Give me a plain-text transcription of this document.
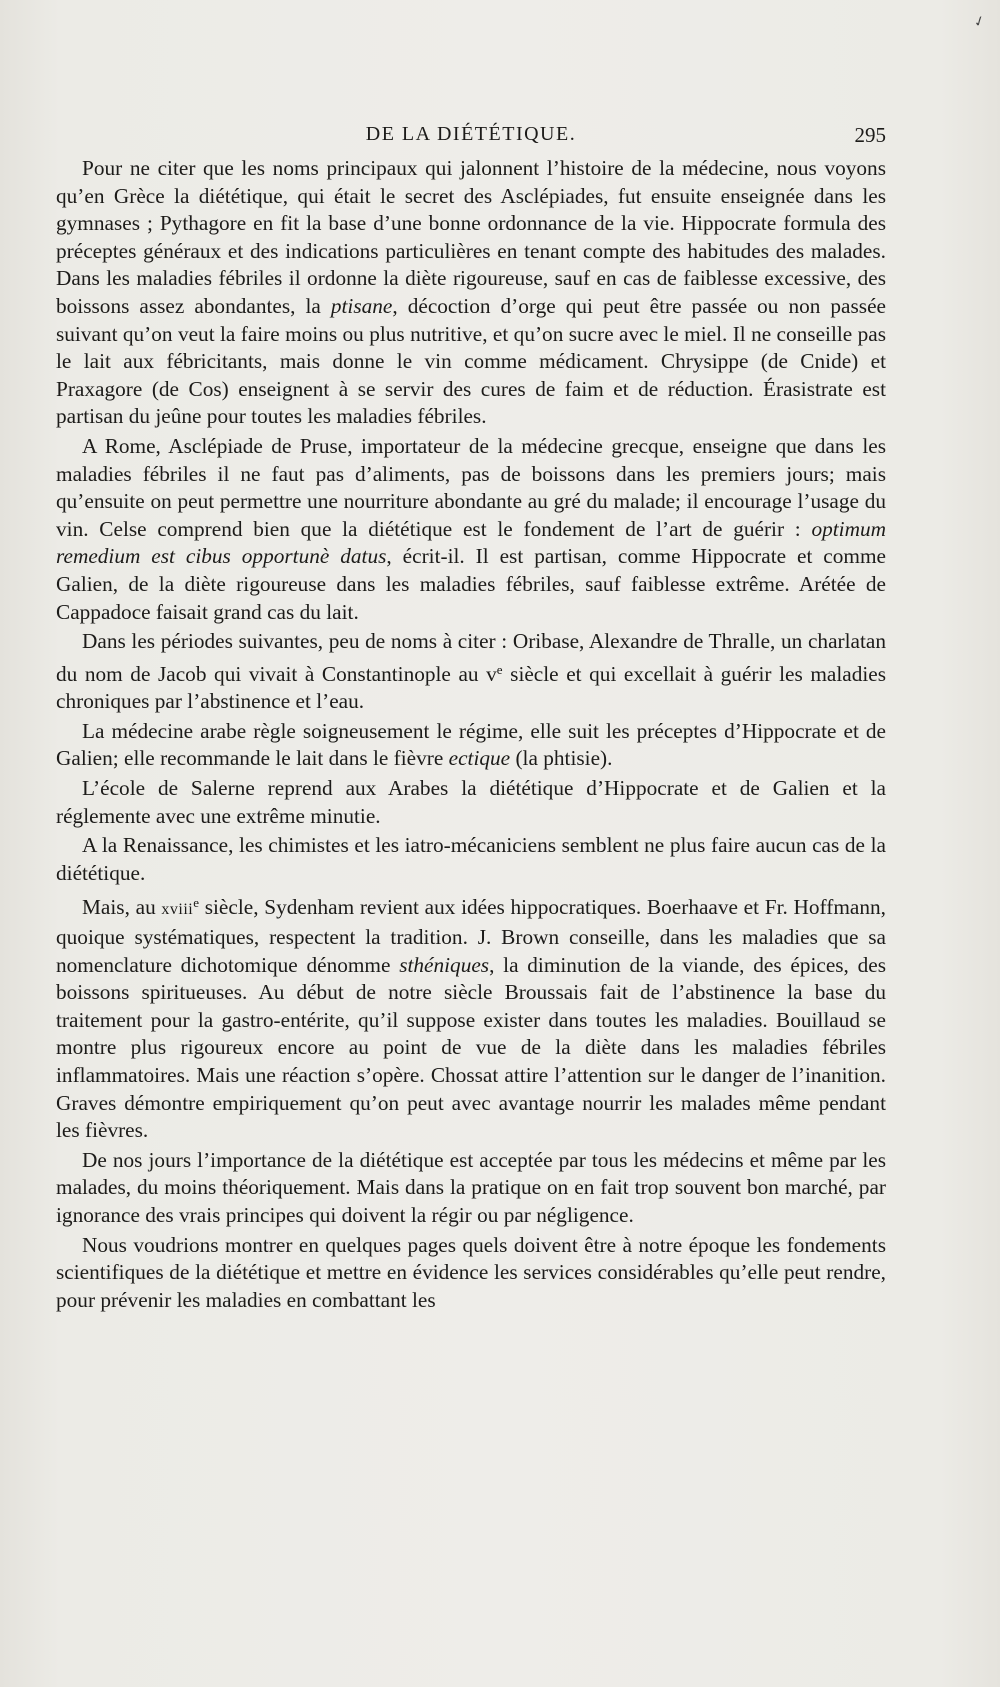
✓
DE LA DIÉTÉTIQUE.	295

Pour ne citer que les noms principaux qui jalonnent l’histoire de la médecine, nous voyons qu’en Grèce la diététique, qui était le secret des Asclépiades, fut ensuite enseignée dans les gymnases ; Pythagore en fit la base d’une bonne ordonnance de la vie. Hippocrate formula des préceptes généraux et des indications particulières en tenant compte des habitudes des malades. Dans les maladies fébriles il ordonne la diète rigoureuse, sauf en cas de faiblesse excessive, des boissons assez abondantes, la ptisane, décoction d’orge qui peut être passée ou non passée suivant qu’on veut la faire moins ou plus nutritive, et qu’on sucre avec le miel. Il ne conseille pas le lait aux fébricitants, mais donne le vin comme médicament. Chrysippe (de Cnide) et Praxagore (de Cos) enseignent à se servir des cures de faim et de réduction. Érasistrate est partisan du jeûne pour toutes les maladies fébriles.

A Rome, Asclépiade de Pruse, importateur de la médecine grecque, enseigne que dans les maladies fébriles il ne faut pas d’aliments, pas de boissons dans les premiers jours; mais qu’ensuite on peut permettre une nourriture abondante au gré du malade; il encourage l’usage du vin. Celse comprend bien que la diététique est le fondement de l’art de guérir : optimum remedium est cibus opportunè datus, écrit-il. Il est partisan, comme Hippocrate et comme Galien, de la diète rigoureuse dans les maladies fébriles, sauf faiblesse extrême. Arétée de Cappadoce faisait grand cas du lait.

Dans les périodes suivantes, peu de noms à citer : Oribase, Alexandre de Thralle, un charlatan du nom de Jacob qui vivait à Constantinople au $v^e$ siècle et qui excellait à guérir les maladies chroniques par l’abstinence et l’eau.

La médecine arabe règle soigneusement le régime, elle suit les préceptes d’Hippocrate et de Galien; elle recommande le lait dans le fièvre ectique (la phtisie).

L’école de Salerne reprend aux Arabes la diététique d’Hippocrate et de Galien et la réglemente avec une extrême minutie.

A la Renaissance, les chimistes et les iatro-mécaniciens semblent ne plus faire aucun cas de la diététique.

Mais, au xviii$^e$ siècle, Sydenham revient aux idées hippocratiques. Boerhaave et Fr. Hoffmann, quoique systématiques, respectent la tradition. J. Brown conseille, dans les maladies que sa nomenclature dichotomique dénomme sthéniques, la diminution de la viande, des épices, des boissons spiritueuses. Au début de notre siècle Broussais fait de l’abstinence la base du traitement pour la gastro-entérite, qu’il suppose exister dans toutes les maladies. Bouillaud se montre plus rigoureux encore au point de vue de la diète dans les maladies fébriles inflammatoires. Mais une réaction s’opère. Chossat attire l’attention sur le danger de l’inanition. Graves démontre empiriquement qu’on peut avec avantage nourrir les malades même pendant les fièvres.

De nos jours l’importance de la diététique est acceptée par tous les médecins et même par les malades, du moins théoriquement. Mais dans la pratique on en fait trop souvent bon marché, par ignorance des vrais principes qui doivent la régir ou par négligence.

Nous voudrions montrer en quelques pages quels doivent être à notre époque les fondements scientifiques de la diététique et mettre en évidence les services considérables qu’elle peut rendre, pour prévenir les maladies en combattant les
